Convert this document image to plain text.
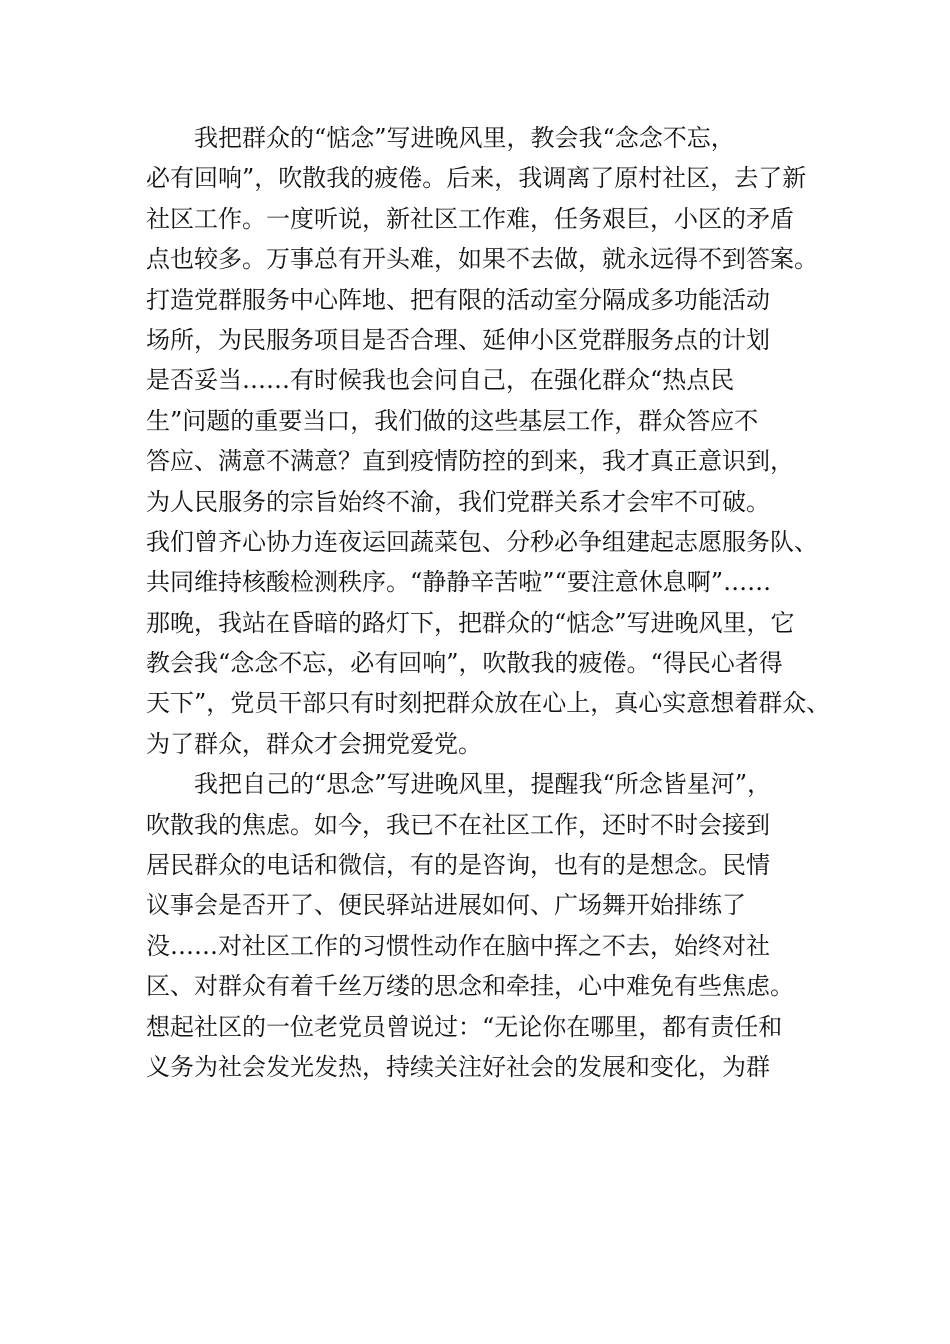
我把群众的“惦念”写进晚风里，教会我“念念不忘，
必有回响”，吹散我的疲倦。后来，我调离了原村社区，去了新
社区工作。一度听说，新社区工作难，任务艰巨，小区的矛盾
点也较多。万事总有开头难，如果不去做，就永远得不到答案。
打造党群服务中心阵地、把有限的活动室分隔成多功能活动
场所，为民服务项目是否合理、延伸小区党群服务点的计划
是否妥当……有时候我也会问自己，在强化群众“热点民
生”问题的重要当口，我们做的这些基层工作，群众答应不
答应、满意不满意？直到疫情防控的到来，我才真正意识到，
为人民服务的宗旨始终不渝，我们党群关系才会牢不可破。
我们曾齐心协力连夜运回蔬菜包、分秒必争组建起志愿服务队、
共同维持核酸检测秩序。“静静辛苦啦”“要注意休息啊”……
那晚，我站在昏暗的路灯下，把群众的“惦念”写进晚风里，它
教会我“念念不忘，必有回响”，吹散我的疲倦。“得民心者得
天下”，党员干部只有时刻把群众放在心上，真心实意想着群众、
为了群众，群众才会拥党爱党。
我把自己的“思念”写进晚风里，提醒我“所念皆星河”，
吹散我的焦虑。如今，我已不在社区工作，还时不时会接到
居民群众的电话和微信，有的是咨询，也有的是想念。民情
议事会是否开了、便民驿站进展如何、广场舞开始排练了
没……对社区工作的习惯性动作在脑中挥之不去，始终对社
区、对群众有着千丝万缕的思念和牵挂，心中难免有些焦虑。
想起社区的一位老党员曾说过：“无论你在哪里，都有责任和
义务为社会发光发热，持续关注好社会的发展和变化，为群
